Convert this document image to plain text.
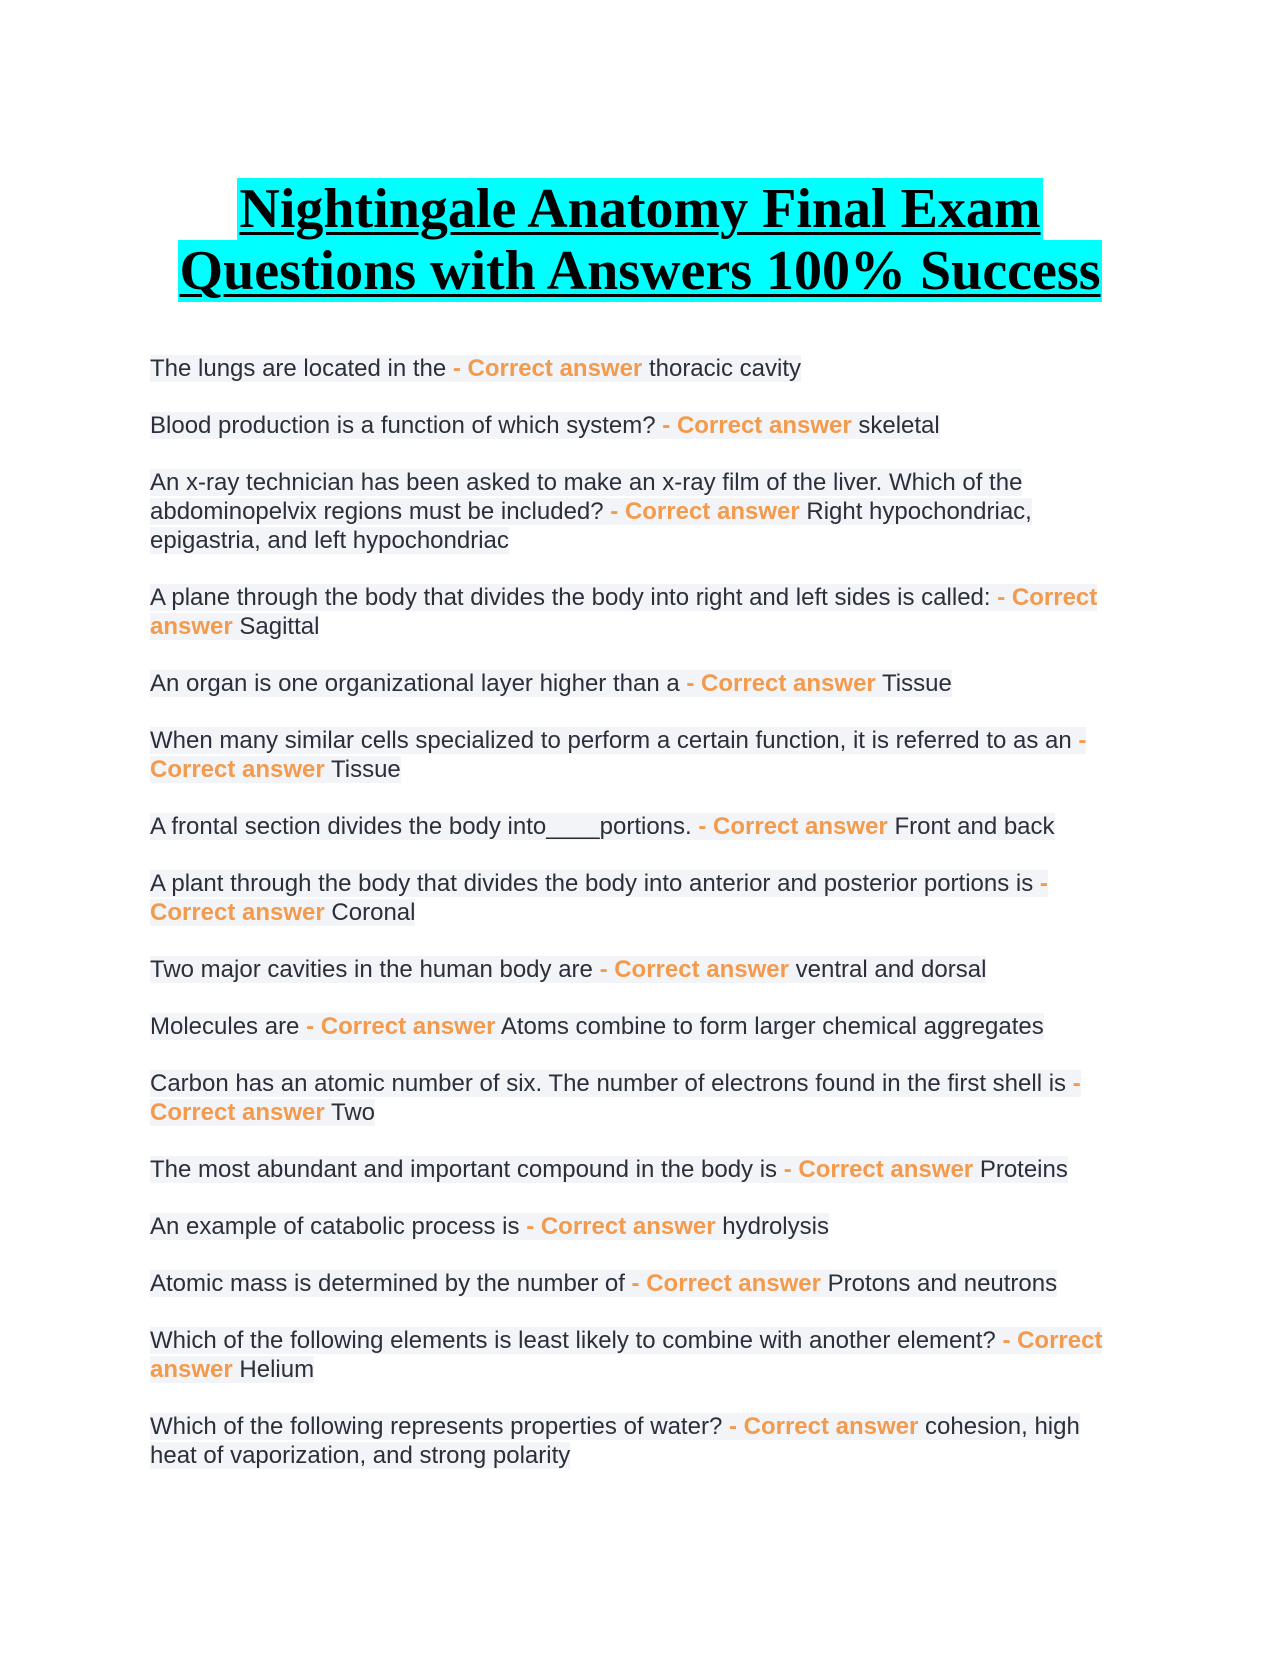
Nightingale Anatomy Final Exam
Questions with Answers 100% Success
The lungs are located in the - Correct answer thoracic cavity
Blood production is a function of which system? - Correct answer skeletal
An x-ray technician has been asked to make an x-ray film of the liver. Which of the abdominopelvix regions must be included? - Correct answer Right hypochondriac, epigastria, and left hypochondriac
A plane through the body that divides the body into right and left sides is called: - Correct answer Sagittal
An organ is one organizational layer higher than a - Correct answer Tissue
When many similar cells specialized to perform a certain function, it is referred to as an - Correct answer Tissue
A frontal section divides the body into____portions. - Correct answer Front and back
A plant through the body that divides the body into anterior and posterior portions is - Correct answer Coronal
Two major cavities in the human body are - Correct answer ventral and dorsal
Molecules are - Correct answer Atoms combine to form larger chemical aggregates
Carbon has an atomic number of six. The number of electrons found in the first shell is - Correct answer Two
The most abundant and important compound in the body is - Correct answer Proteins
An example of catabolic process is - Correct answer hydrolysis
Atomic mass is determined by the number of - Correct answer Protons and neutrons
Which of the following elements is least likely to combine with another element? - Correct answer Helium
Which of the following represents properties of water? - Correct answer cohesion, high heat of vaporization, and strong polarity
